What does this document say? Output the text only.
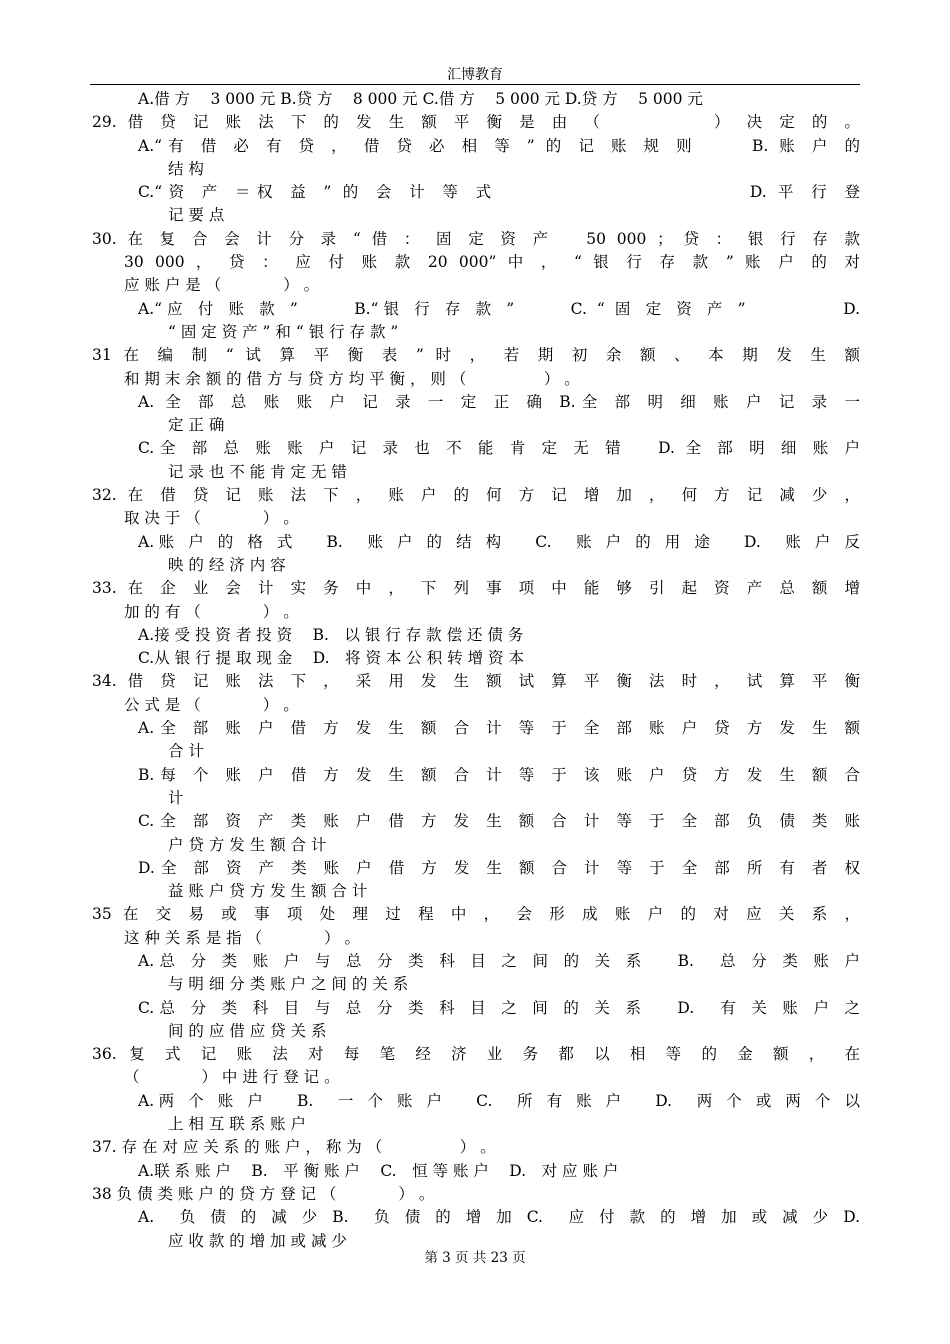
汇博教育
A.借 方　 3 000 元 B.贷 方　 8 000 元 C.借 方　 5 000 元 D.贷 方　 5 000 元
29. 借 贷 记 账 法 下 的 发 生 额 平 衡 是 由 （　　　　　） 决 定 的 。
A.“有 借 必 有 贷 ， 借 贷 必 相 等 ” 的 记 账 规 则　　 B. 账 户 的
结 构
C.“资 产 ＝权 益 ” 的 会 计 等 式　　　　　　　　　　　 D. 平 行 登
记 要 点
30. 在 复 合 会 计 分 录 “ 借 ： 固 定 资 产　 50 000 ； 贷 ： 银 行 存 款
30 000 ， 贷 ： 应 付 账 款 20 000” 中 ， “ 银 行 存 款 ” 账 户 的 对
应 账 户 是 （　　　　） 。
A.“应 付 账 款 ”　　 B.“银 行 存 款 ”　　 C. “ 固 定 资 产 ”　　　　 D.
“ 固 定 资 产 ” 和 “ 银 行 存 款 ”
31 在 编 制 “ 试 算 平 衡 表 ” 时 ， 若 期 初 余 额 、 本 期 发 生 额
和 期 末 余 额 的 借 方 与 贷 方 均 平 衡 ， 则 （　　　　　） 。
A. 全 部 总 账 账 户 记 录 一 定 正 确 B.全 部 明 细 账 户 记 录 一
定 正 确
C.全 部 总 账 账 户 记 录 也 不 能 肯 定 无 错　 D. 全 部 明 细 账 户
记 录 也 不 能 肯 定 无 错
32. 在 借 贷 记 账 法 下 ， 账 户 的 何 方 记 增 加 ， 何 方 记 减 少 ，
取 决 于 （　　　　） 。
A.账 户 的 格 式　 B.　账 户 的 结 构　 C.　账 户 的 用 途　 D.　账 户 反
映 的 经 济 内 容
33. 在 企 业 会 计 实 务 中 ， 下 列 事 项 中 能 够 引 起 资 产 总 额 增
加 的 有 （　　　　） 。
A.接 受 投 资 者 投 资　 B.　以 银 行 存 款 偿 还 债 务
C.从 银 行 提 取 现 金　 D.　将 资 本 公 积 转 增 资 本
34. 借 贷 记 账 法 下 ， 采 用 发 生 额 试 算 平 衡 法 时 ， 试 算 平 衡
公 式 是 （　　　　） 。
A.全 部 账 户 借 方 发 生 额 合 计 等 于 全 部 账 户 贷 方 发 生 额
合 计
B.每 个 账 户 借 方 发 生 额 合 计 等 于 该 账 户 贷 方 发 生 额 合
计
C.全 部 资 产 类 账 户 借 方 发 生 额 合 计 等 于 全 部 负 债 类 账
户 贷 方 发 生 额 合 计
D.全 部 资 产 类 账 户 借 方 发 生 额 合 计 等 于 全 部 所 有 者 权
益 账 户 贷 方 发 生 额 合 计
35 在 交 易 或 事 项 处 理 过 程 中 ， 会 形 成 账 户 的 对 应 关 系 ，
这 种 关 系 是 指 （　　　　） 。
A.总 分 类 账 户 与 总 分 类 科 目 之 间 的 关 系　 B.　总 分 类 账 户
与 明 细 分 类 账 户 之 间 的 关 系
C.总 分 类 科 目 与 总 分 类 科 目 之 间 的 关 系　 D.　有 关 账 户 之
间 的 应 借 应 贷 关 系
36. 复 式 记 账 法 对 每 笔 经 济 业 务 都 以 相 等 的 金 额 ， 在
（　　　　） 中 进 行 登 记 。
A.两 个 账 户　 B.　一 个 账 户　 C.　所 有 账 户　 D.　两 个 或 两 个 以
上 相 互 联 系 账 户
37. 存 在 对 应 关 系 的 账 户 ， 称 为 （　　　　　） 。
A.联 系 账 户　 B.　平 衡 账 户　 C.　恒 等 账 户　 D.　对 应 账 户
38 负 债 类 账 户 的 贷 方 登 记 （　　　　） 。
A.　负 债 的 减 少 B.　负 债 的 增 加 C.　应 付 款 的 增 加 或 减 少 D.
应 收 款 的 增 加 或 减 少
第 3 页 共 23 页
